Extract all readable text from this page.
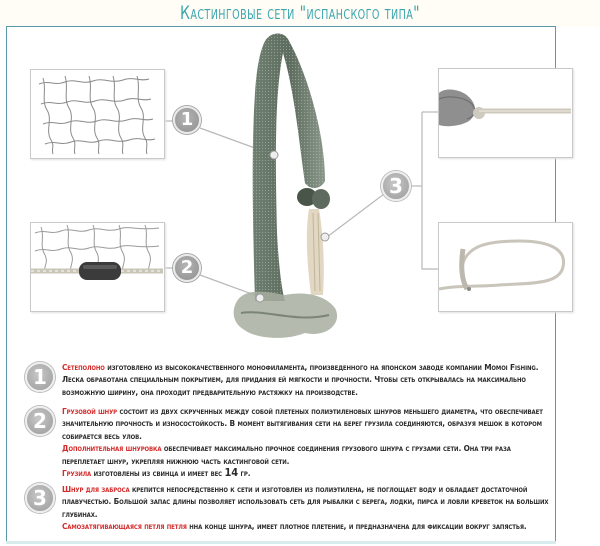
Кастинговые сети "испанского типа"
1
2
3
1	Сетеполоно изготовлено из высококачественного монофиламента, произведенного на японском заводе компании Momoi Fishing. Леска обработана специальным покрытием, для придания ей мягкости и прочности. Чтобы сеть открывалась на максимально возможную ширину, она проходит предварительную растяжку на производстве.

2	Грузовой шнур состоит из двух скрученных между собой плетеных полиэтиленовых шнуров меньшего диаметра, что обеспечивает значительную прочность и износостойкость. В момент вытягивания сети на берег грузила соединяются, образуя мешок в котором собирается весь улов.

Дополнительная шнуровка обеспечивает максимально прочное соединения грузового шнура с грузами сети. Она три раза переплетает шнур, укрепляя нижнюю часть кастинговой сети.

Грузила изготовлены из свинца и имеет вес 14 гр.

3	Шнур для заброса крепится непосредственно к сети и изготовлен из полиэтилена, не поглощает воду и обладает достаточной плавучестью. Большой запас длины позволяет использовать сеть для рыбалки с берега, лодки, пирса и ловли креветок на больших глубинах.

Самозатягивающаяся петля петля нна конце шнура, имеет плотное плетение, и предназначена для фиксации вокруг запястья.
